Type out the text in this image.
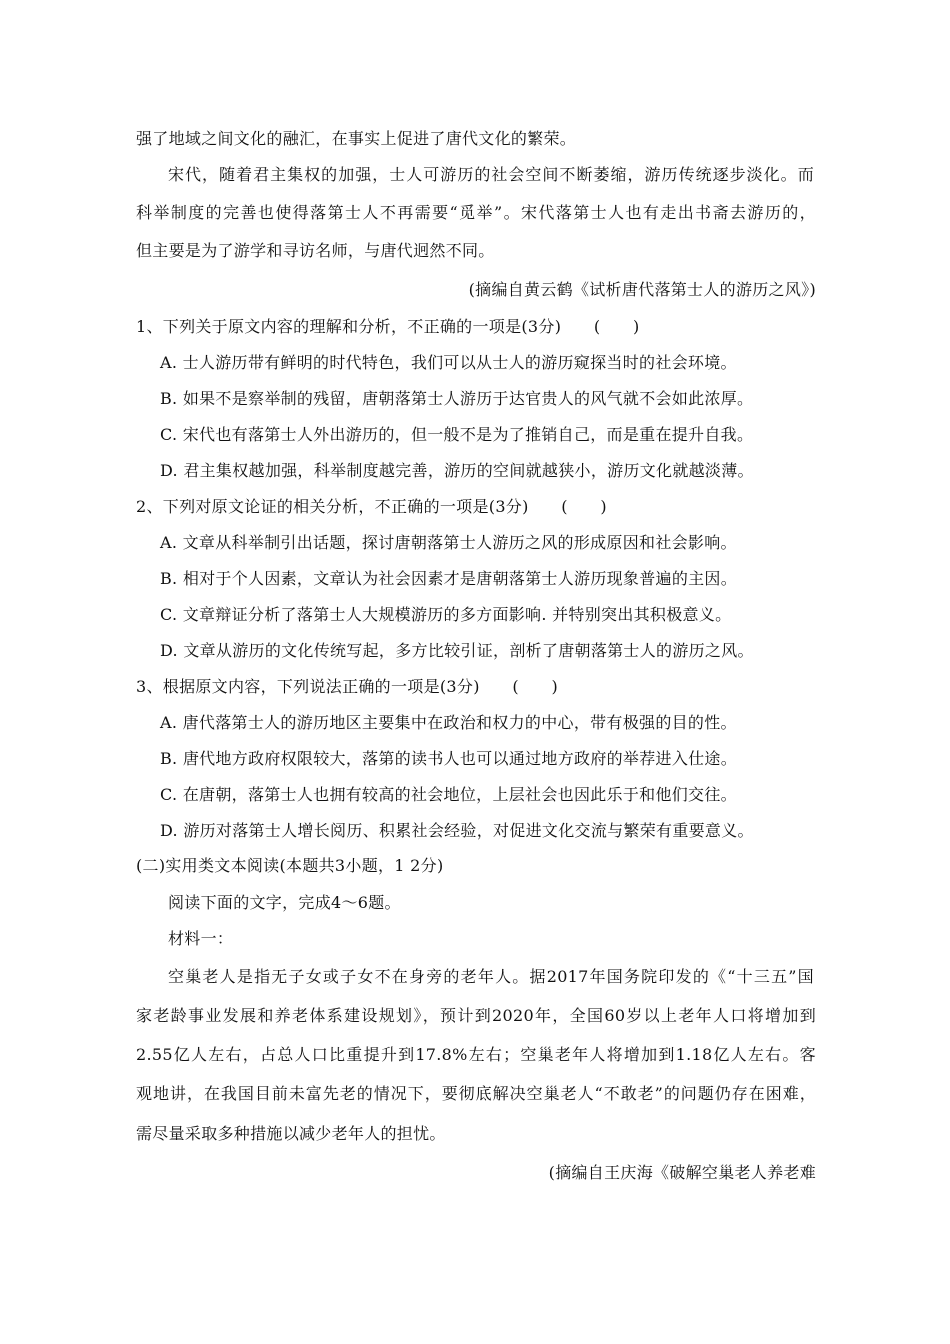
强了地域之间文化的融汇，在事实上促进了唐代文化的繁荣。
宋代，随着君主集权的加强，士人可游历的社会空间不断萎缩，游历传统逐步淡化。而
科举制度的完善也使得落第士人不再需要“觅举”。宋代落第士人也有走出书斋去游历的，
但主要是为了游学和寻访名师，与唐代迥然不同。
(摘编自黄云鹤《试析唐代落第士人的游历之风》)
1、下列关于原文内容的理解和分析，不正确的一项是(3分)　　(　　)
A. 士人游历带有鲜明的时代特色，我们可以从士人的游历窥探当时的社会环境。
B. 如果不是察举制的残留，唐朝落第士人游历于达官贵人的风气就不会如此浓厚。
C. 宋代也有落第士人外出游历的，但一般不是为了推销自己，而是重在提升自我。
D. 君主集权越加强，科举制度越完善，游历的空间就越狭小，游历文化就越淡薄。
2、下列对原文论证的相关分析，不正确的一项是(3分)　　(　　)
A. 文章从科举制引出话题，探讨唐朝落第士人游历之风的形成原因和社会影响。
B. 相对于个人因素，文章认为社会因素才是唐朝落第士人游历现象普遍的主因。
C. 文章辩证分析了落第士人大规模游历的多方面影响. 并特别突出其积极意义。
D. 文章从游历的文化传统写起，多方比较引证，剖析了唐朝落第士人的游历之风。
3、根据原文内容，下列说法正确的一项是(3分)　　(　　)
A. 唐代落第士人的游历地区主要集中在政治和权力的中心，带有极强的目的性。
B. 唐代地方政府权限较大，落第的读书人也可以通过地方政府的举荐进入仕途。
C. 在唐朝，落第士人也拥有较高的社会地位，上层社会也因此乐于和他们交往。
D. 游历对落第士人增长阅历、积累社会经验，对促进文化交流与繁荣有重要意义。
(二)实用类文本阅读(本题共3小题，1 2分)
阅读下面的文字，完成4～6题。
材料一：
空巢老人是指无子女或子女不在身旁的老年人。据2017年国务院印发的《“十三五”国
家老龄事业发展和养老体系建设规划》，预计到2020年，全国60岁以上老年人口将增加到
2.55亿人左右，占总人口比重提升到17.8%左右；空巢老年人将增加到1.18亿人左右。客
观地讲，在我国目前未富先老的情况下，要彻底解决空巢老人“不敢老”的问题仍存在困难，
需尽量采取多种措施以减少老年人的担忧。
(摘编自王庆海《破解空巢老人养老难
